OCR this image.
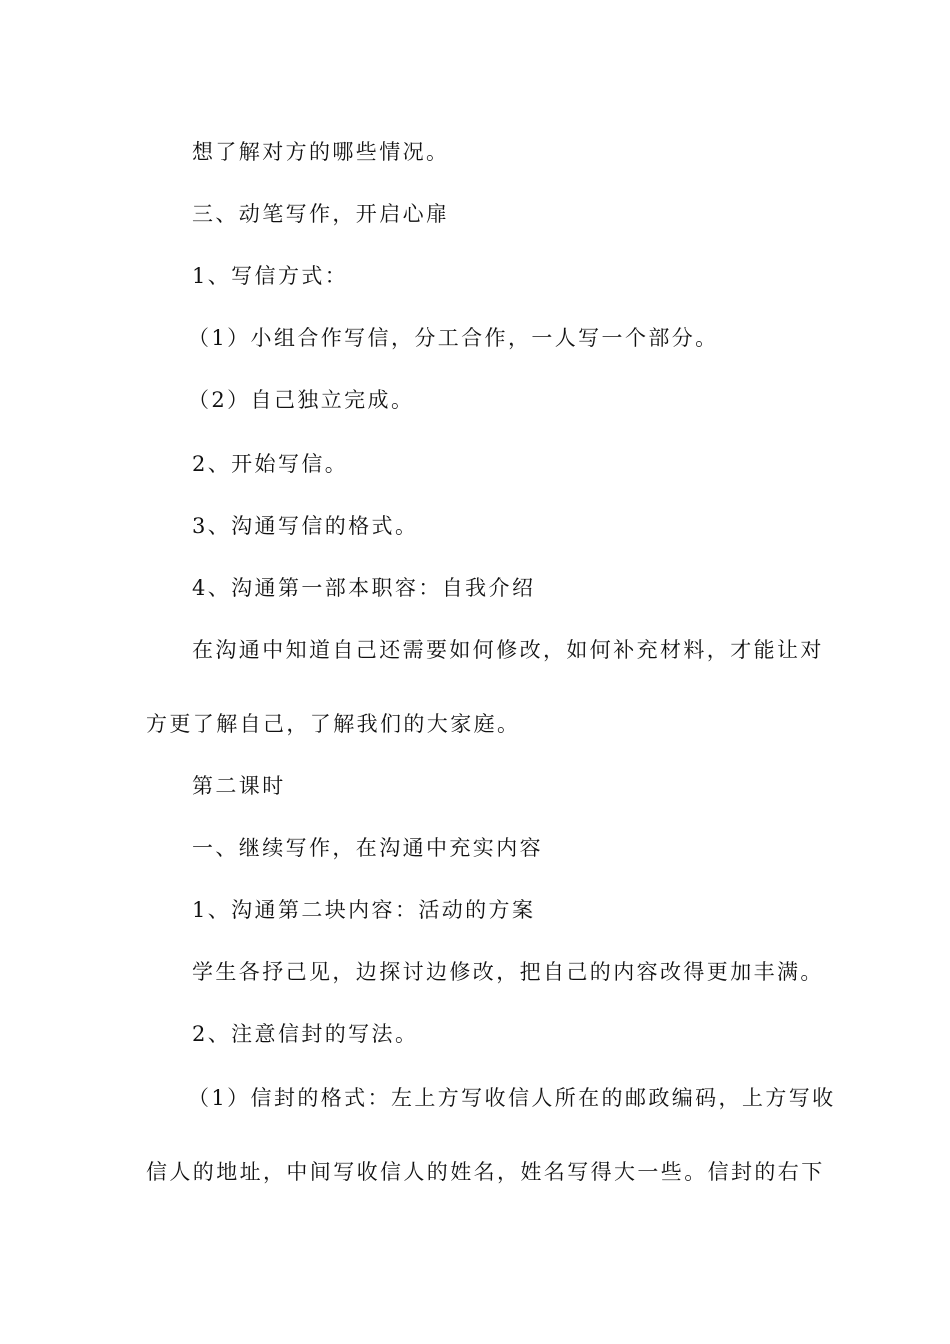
想了解对方的哪些情况。
三、动笔写作，开启心扉
1、写信方式：
（1）小组合作写信，分工合作，一人写一个部分。
（2）自己独立完成。
2、开始写信。
3、沟通写信的格式。
4、沟通第一部本职容：自我介绍
在沟通中知道自己还需要如何修改，如何补充材料，才能让对
方更了解自己，了解我们的大家庭。
第二课时
一、继续写作，在沟通中充实内容
1、沟通第二块内容：活动的方案
学生各抒己见，边探讨边修改，把自己的内容改得更加丰满。
2、注意信封的写法。
（1）信封的格式：左上方写收信人所在的邮政编码，上方写收
信人的地址，中间写收信人的姓名，姓名写得大一些。信封的右下
